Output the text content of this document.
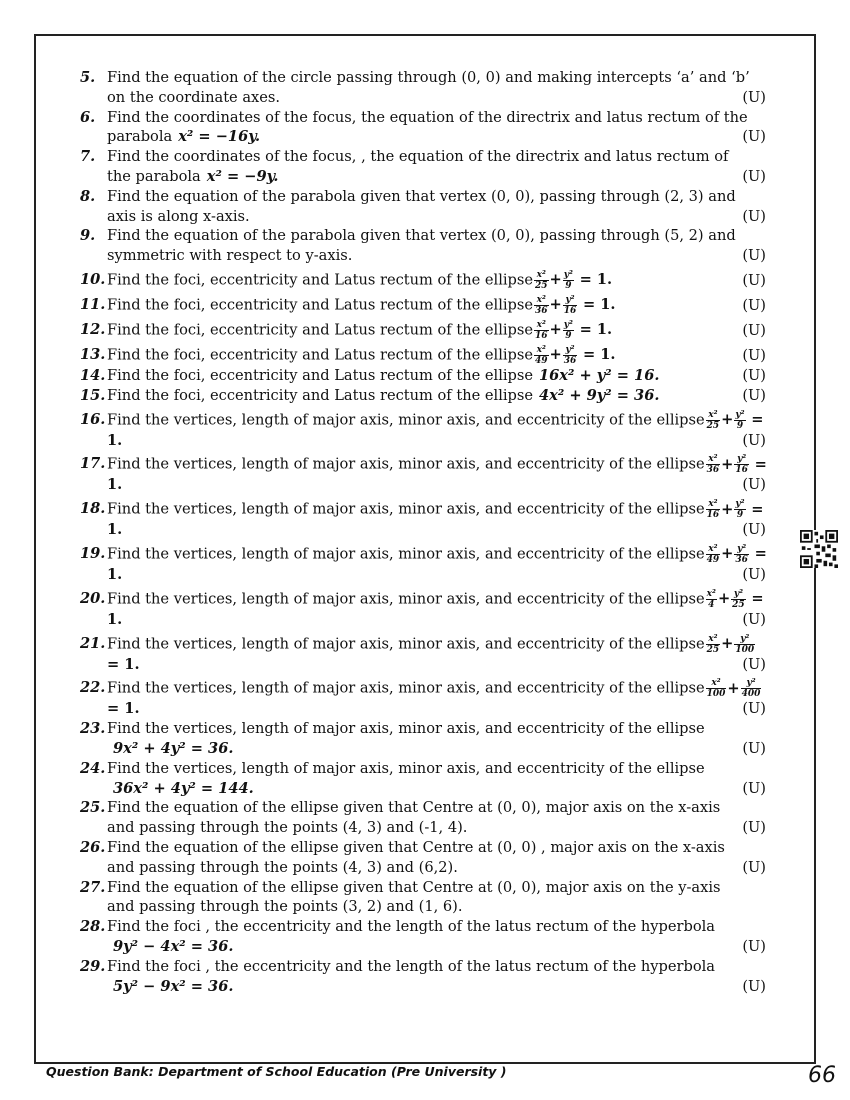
5. Find the equation of the circle passing through (0, 0) and making intercepts ‘a’ and ‘b’
on the coordinate axes.	(U)
6. Find the coordinates of the focus, the equation of the directrix and latus rectum of the
parabola x² = −16y.	(U)
7. Find the coordinates of the focus, , the equation of the directrix and latus rectum of
the parabola x² = −9y.	(U)
8. Find the equation of the parabola given that vertex (0, 0), passing through (2, 3) and
axis is along x-axis.	(U)
9. Find the equation of the parabola given that vertex (0, 0), passing through (5, 2) and
symmetric with respect to y-axis.	(U)
10. Find the foci, eccentricity and Latus rectum of the ellipse $\frac{\text{x²}}{25} + \frac{\text{y²}}{9} = 1$.	(U)
11. Find the foci, eccentricity and Latus rectum of the ellipse $\frac{\text{x²}}{36} + \frac{\text{y²}}{16} = 1$.	(U)
12. Find the foci, eccentricity and Latus rectum of the ellipse $\frac{\text{x²}}{16} + \frac{\text{y²}}{9} = 1$.	(U)
13. Find the foci, eccentricity and Latus rectum of the ellipse $\frac{\text{x²}}{49} + \frac{\text{y²}}{36} = 1$.	(U)
14. Find the foci, eccentricity and Latus rectum of the ellipse 16x² + y² = 16.	(U)
15. Find the foci, eccentricity and Latus rectum of the ellipse 4x² + 9y² = 36.	(U)
16. Find the vertices, length of major axis, minor axis, and eccentricity of the ellipse $\frac{\text{x²}}{25} + \frac{\text{y²}}{9} = 1$.	(U)
17. Find the vertices, length of major axis, minor axis, and eccentricity of the ellipse $\frac{\text{x²}}{36} + \frac{\text{y²}}{16} = 1$.	(U)
18. Find the vertices, length of major axis, minor axis, and eccentricity of the ellipse $\frac{\text{x²}}{16} + \frac{\text{y²}}{9} = 1$.	(U)
19. Find the vertices, length of major axis, minor axis, and eccentricity of the ellipse $\frac{\text{x²}}{49} + \frac{\text{y²}}{36} = 1$.	(U)
20. Find the vertices, length of major axis, minor axis, and eccentricity of the ellipse $\frac{\text{x²}}{4} + \frac{\text{y²}}{25} = 1$.	(U)
21. Find the vertices, length of major axis, minor axis, and eccentricity of the ellipse $\frac{\text{x²}}{25} + \frac{\text{y²}}{100}$
= 1.	(U)
22. Find the vertices, length of major axis, minor axis, and eccentricity of the ellipse $\frac{\text{x²}}{100} + \frac{\text{y²}}{400}$
= 1.	(U)
23. Find the vertices, length of major axis, minor axis, and eccentricity of the ellipse
9x² + 4y² = 36.	(U)
24. Find the vertices, length of major axis, minor axis, and eccentricity of the ellipse
36x² + 4y² = 144.	(U)
25. Find the equation of the ellipse given that Centre at (0, 0), major axis on the x-axis
and passing through the points (4, 3) and (-1, 4).	(U)
26. Find the equation of the ellipse given that Centre at (0, 0) , major axis on the x-axis
and passing through the points (4, 3) and (6,2).	(U)
27. Find the equation of the ellipse given that Centre at (0, 0), major axis on the y-axis
and passing through the points (3, 2) and (1, 6).
28. Find the foci , the eccentricity and the length of the latus rectum of the hyperbola
9y² − 4x² = 36.	(U)
29. Find the foci , the eccentricity and the length of the latus rectum of the hyperbola
5y² − 9x² = 36.	(U)
Question Bank: Department of School Education (Pre University )	66
